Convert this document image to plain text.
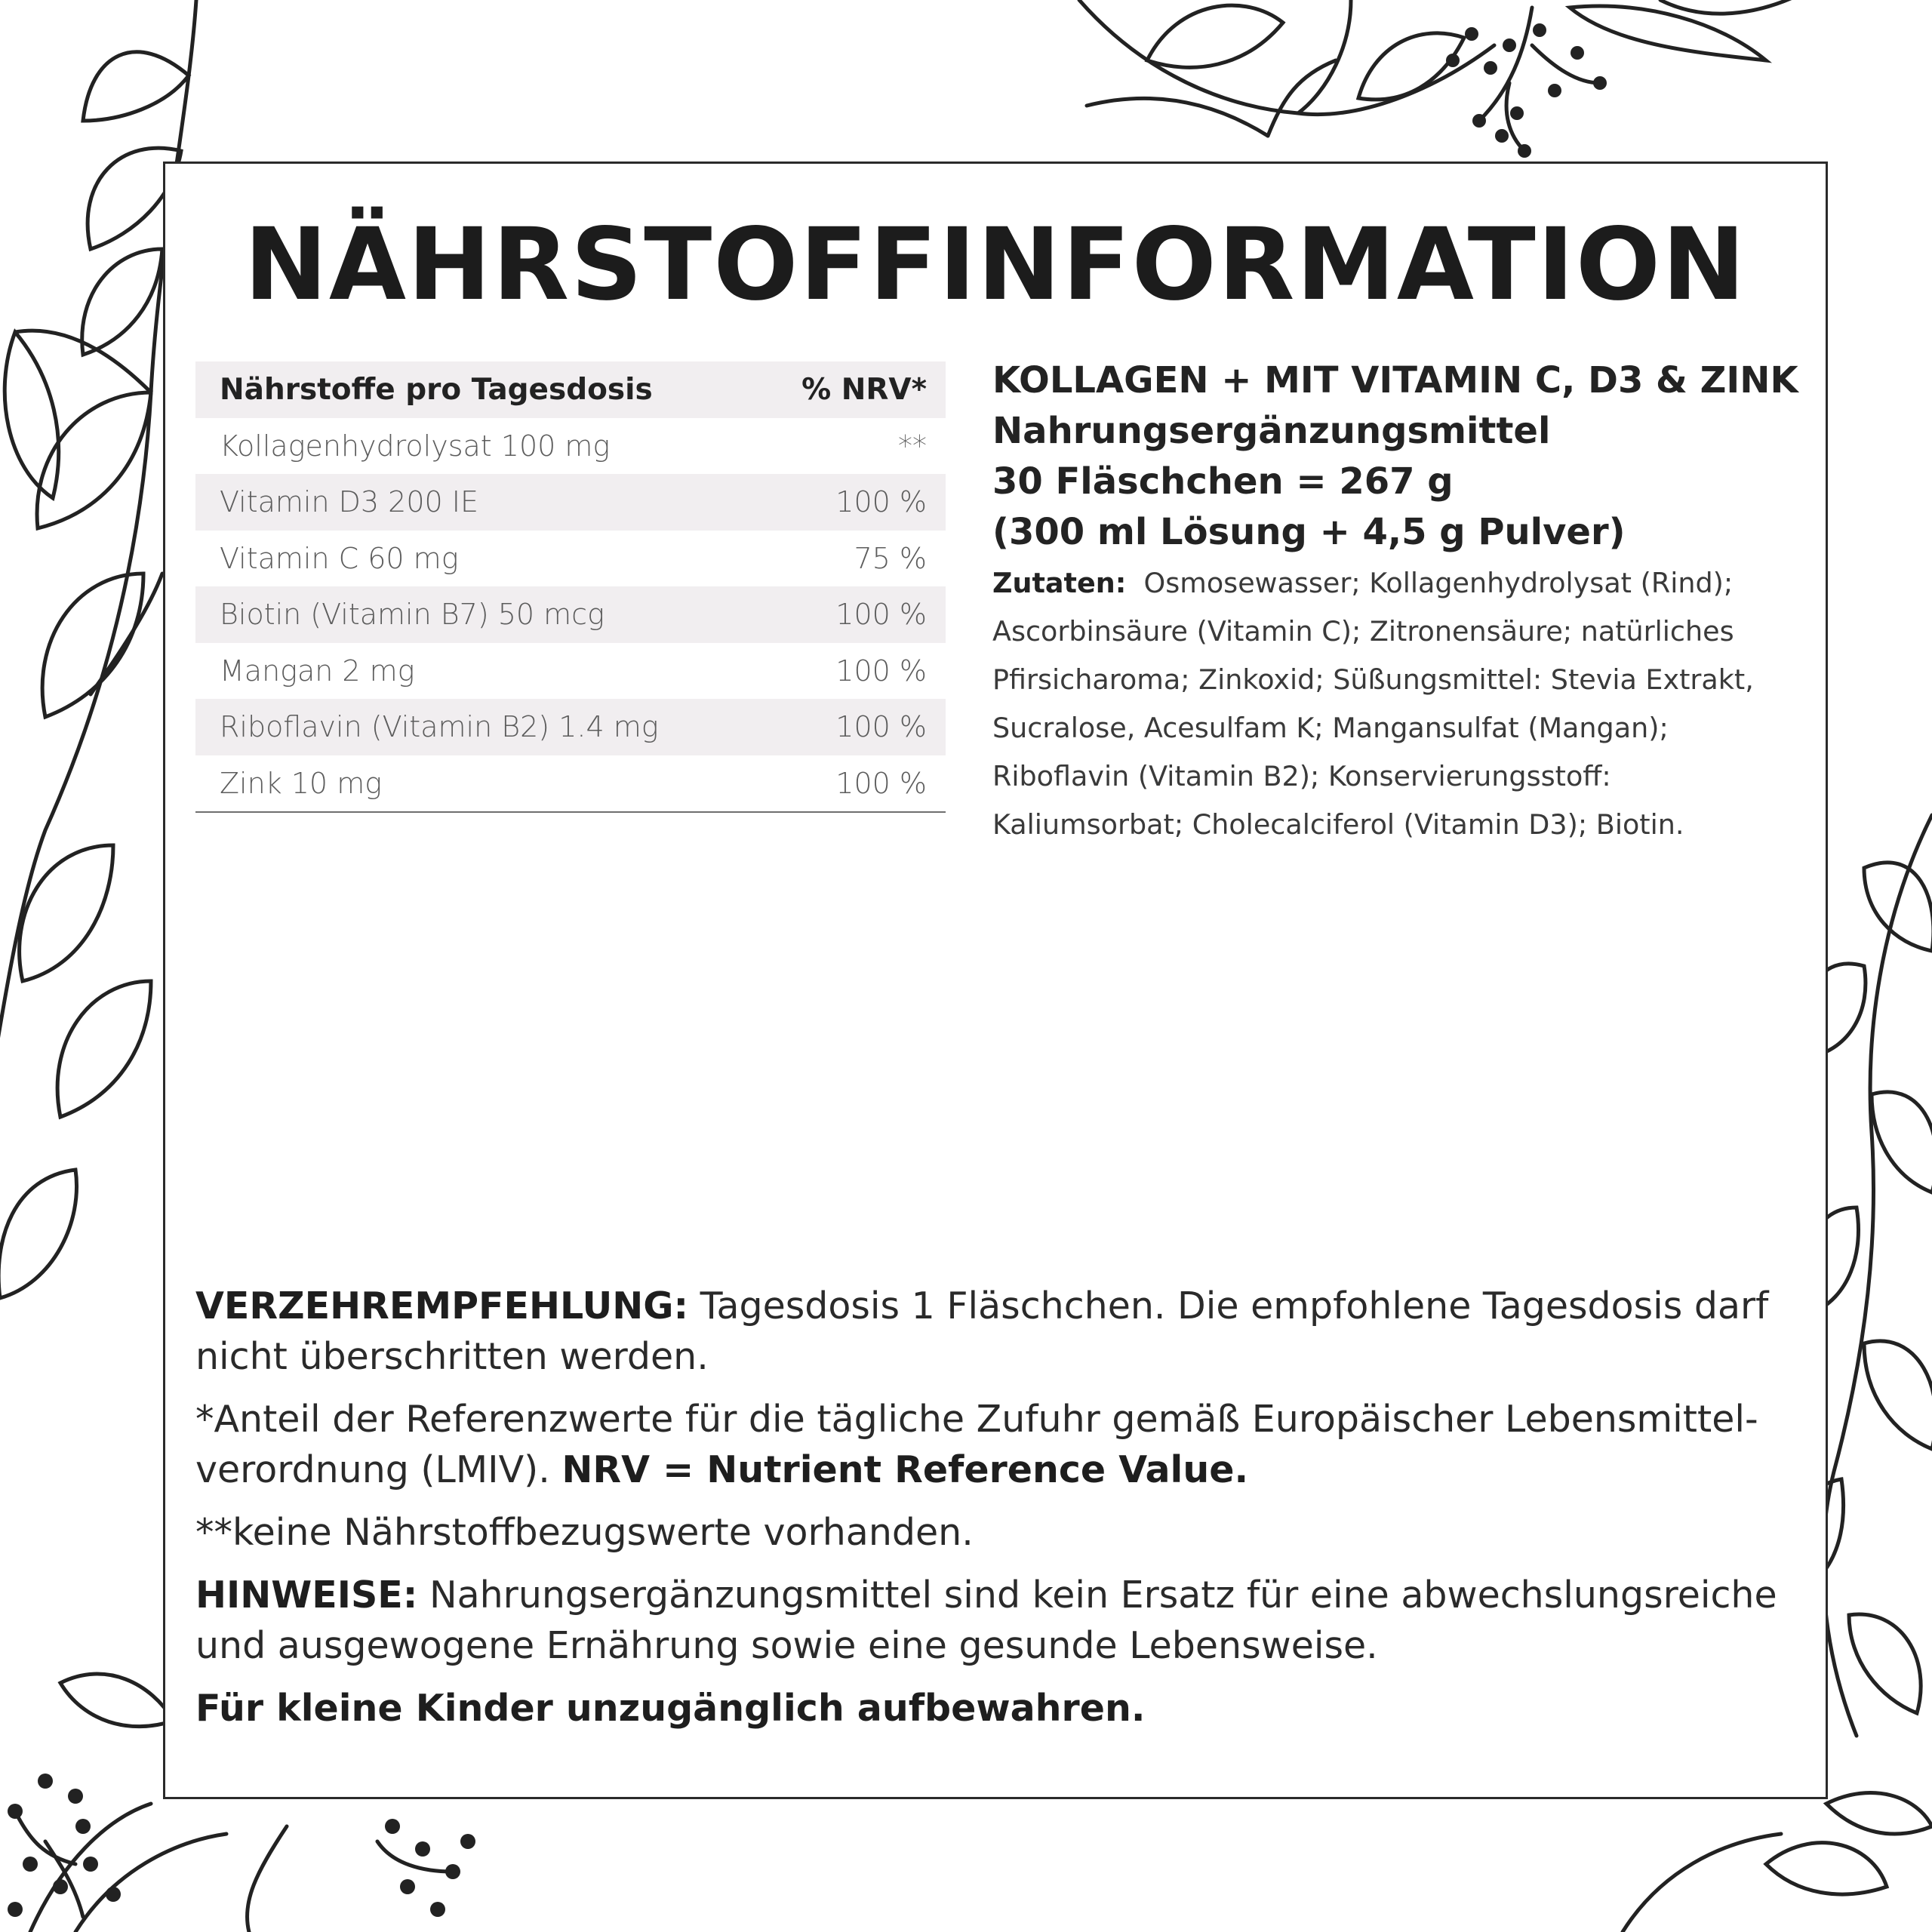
NÄHRSTOFFINFORMATION
Nährstoffe pro Tagesdosis	% NRV*
Kollagenhydrolysat 100 mg	**
Vitamin D3 200 IE	100 %
Vitamin C 60 mg	75 %
Biotin (Vitamin B7) 50 mcg	100 %
Mangan 2 mg	100 %
Riboflavin (Vitamin B2) 1.4 mg	100 %
Zink 10 mg	100 %
KOLLAGEN + MIT VITAMIN C, D3 & ZINK
Nahrungsergänzungsmittel
30 Fläschchen = 267 g
(300 ml Lösung + 4,5 g Pulver)
Zutaten: Osmosewasser; Kollagenhydrolysat (Rind); Ascorbinsäure (Vitamin C); Zitronensäure; natürliches Pfirsicharoma; Zinkoxid; Süßungsmittel: Stevia Extrakt, Sucralose, Acesulfam K; Mangansulfat (Mangan); Riboflavin (Vitamin B2); Konservierungsstoff: Kaliumsorbat; Cholecalciferol (Vitamin D3); Biotin.

VERZEHREMPFEHLUNG: Tagesdosis 1 Fläschchen. Die empfohlene Tagesdosis darf nicht überschritten werden.

*Anteil der Referenzwerte für die tägliche Zufuhr gemäß Europäischer Lebensmittel-verordnung (LMIV). NRV = Nutrient Reference Value.

**keine Nährstoffbezugswerte vorhanden.

HINWEISE: Nahrungsergänzungsmittel sind kein Ersatz für eine abwechslungsreiche und ausgewogene Ernährung sowie eine gesunde Lebensweise.

Für kleine Kinder unzugänglich aufbewahren.
